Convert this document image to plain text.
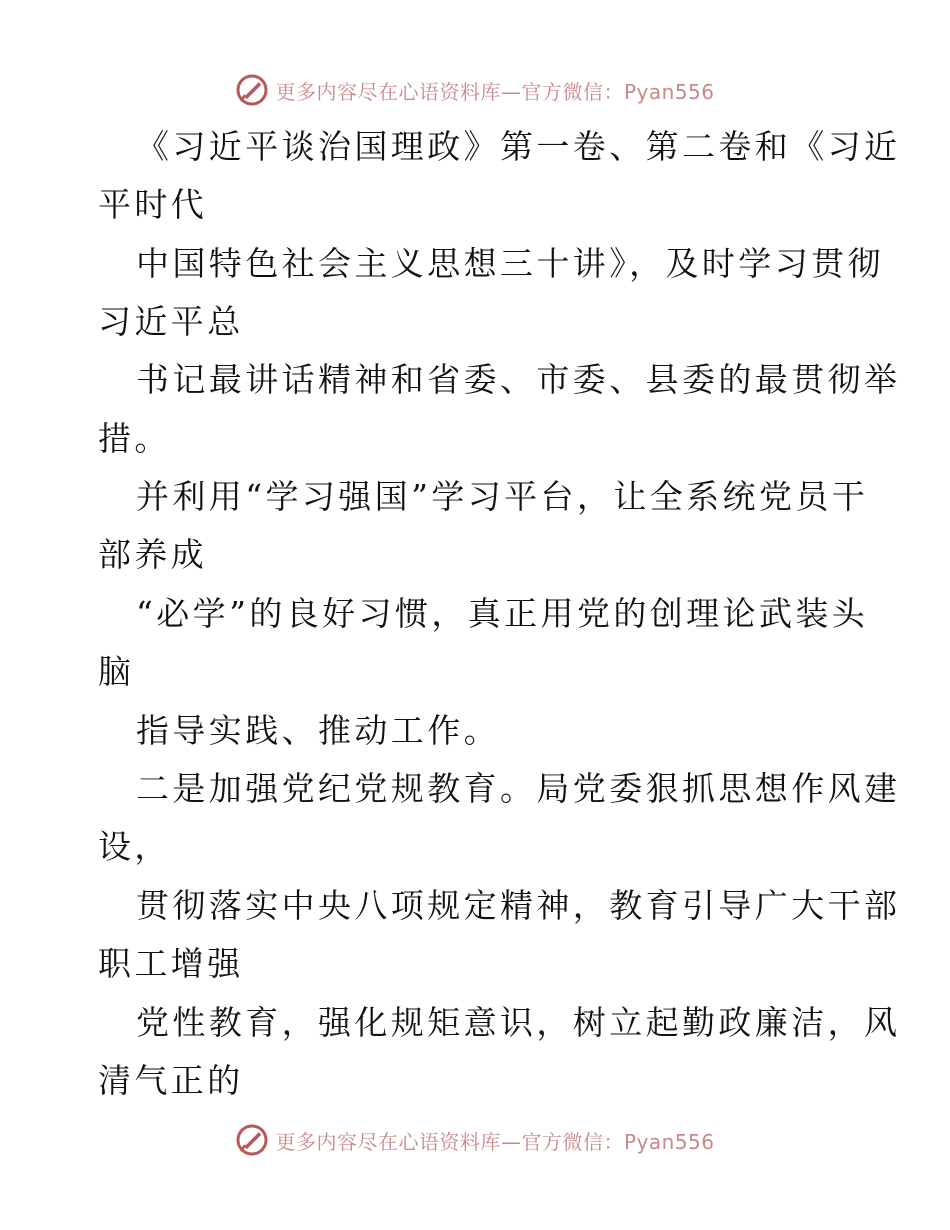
更多内容尽在心语资料库—官方微信：Pyan556
《习近平谈治国理政》第一卷、第二卷和《习近
平时代
中国特色社会主义思想三十讲》，及时学习贯彻
习近平总
书记最讲话精神和省委、市委、县委的最贯彻举
措。
并利用“学习强国”学习平台，让全系统党员干
部养成
“必学”的良好习惯，真正用党的创理论武装头
脑
指导实践、推动工作。
二是加强党纪党规教育。局党委狠抓思想作风建
设，
贯彻落实中央八项规定精神，教育引导广大干部
职工增强
党性教育，强化规矩意识，树立起勤政廉洁，风
清气正的
更多内容尽在心语资料库—官方微信：Pyan556
